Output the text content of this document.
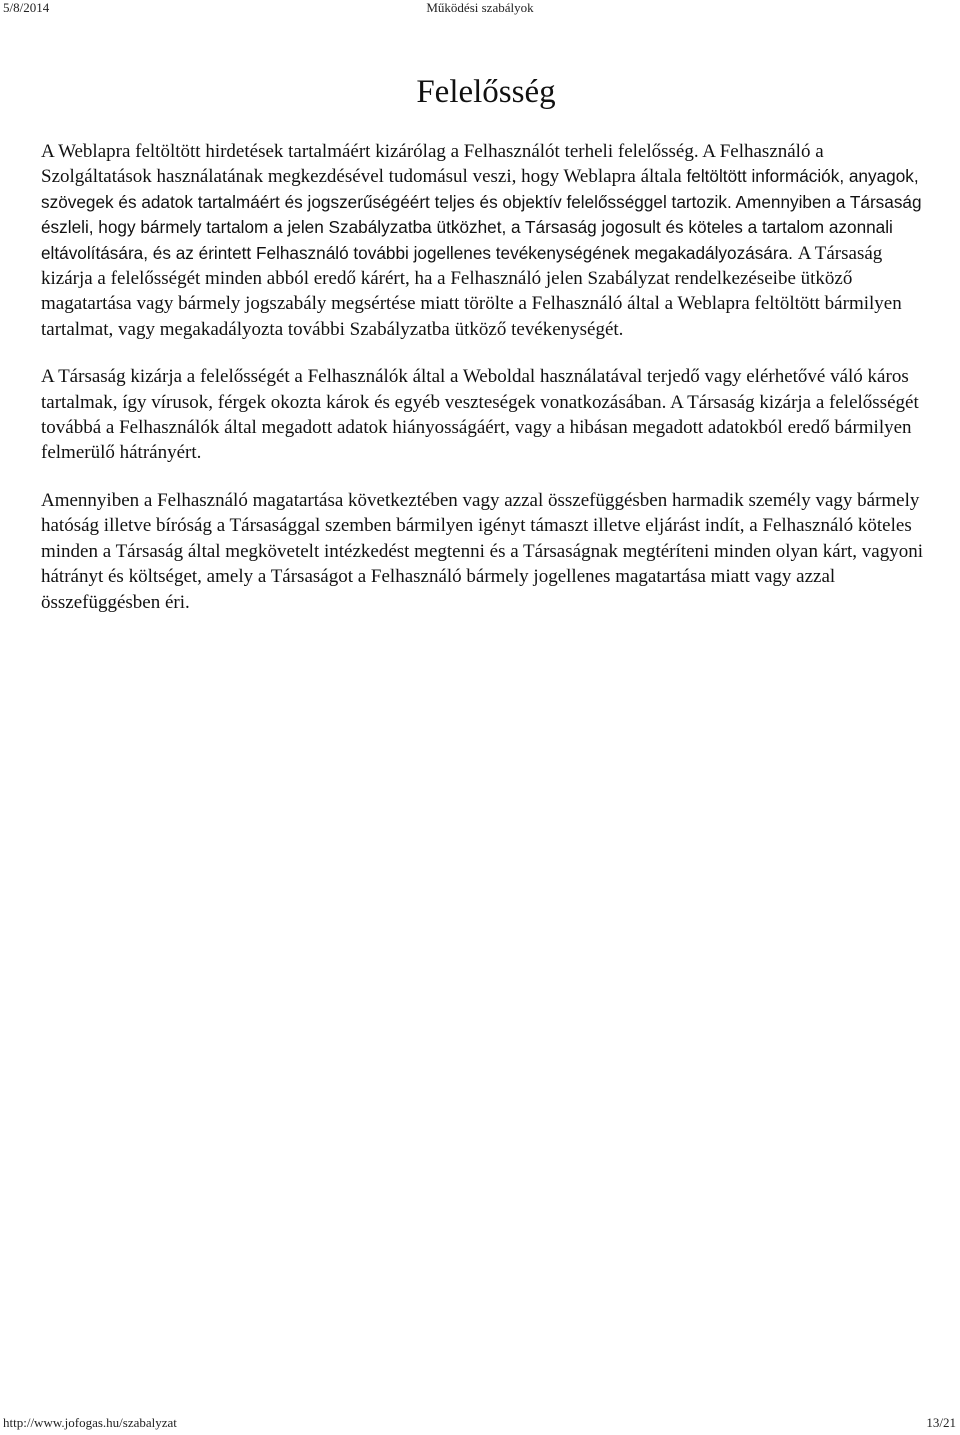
5/8/2014	Működési szabályok
Felelősség

A Weblapra feltöltött hirdetések tartalmáért kizárólag a Felhasználót terheli felelősség. A Felhasználó a Szolgáltatások használatának megkezdésével tudomásul veszi, hogy Weblapra általa

feltöltött információk, anyagok, szövegek és adatok tartalmáért és jogszerűségéért teljes és objektív felelősséggel tartozik. Amennyiben a Társaság észleli, hogy bármely tartalom a jelen Szabályzatba ütközhet, a Társaság jogosult és köteles a tartalom azonnali eltávolítására, és az érintett Felhasználó további jogellenes tevékenységének megakadályozására.

A Társaság kizárja a felelősségét minden abból eredő kárért, ha a Felhasználó jelen Szabályzat rendelkezéseibe ütköző magatartása vagy bármely jogszabály megsértése miatt törölte a Felhasználó által a Weblapra feltöltött bármilyen tartalmat, vagy megakadályozta további Szabályzatba ütköző tevékenységét.

A Társaság kizárja a felelősségét a Felhasználók által a Weboldal használatával terjedő vagy elérhetővé váló káros tartalmak, így vírusok, férgek okozta károk és egyéb veszteségek vonatkozásában. A Társaság kizárja a felelősségét továbbá a Felhasználók által megadott adatok hiányosságáért, vagy a hibásan megadott adatokból eredő bármilyen felmerülő hátrányért.

Amennyiben a Felhasználó magatartása következtében vagy azzal összefüggésben harmadik személy vagy bármely hatóság illetve bíróság a Társasággal szemben bármilyen igényt támaszt illetve eljárást indít, a Felhasználó köteles minden a Társaság által megkövetelt intézkedést megtenni és a Társaságnak megtéríteni minden olyan kárt, vagyoni hátrányt és költséget, amely a Társaságot a Felhasználó bármely jogellenes magatartása miatt vagy azzal összefüggésben éri.

http://www.jofogas.hu/szabalyzat	13/21
